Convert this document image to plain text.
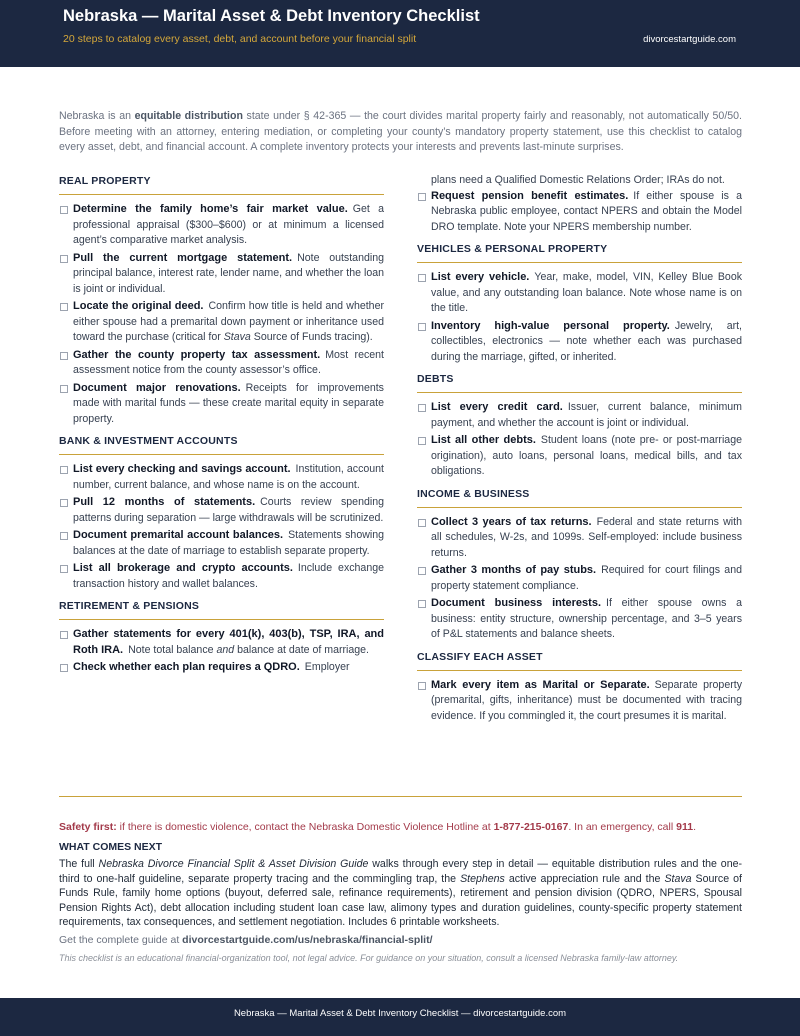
Nebraska — Marital Asset & Debt Inventory Checklist
20 steps to catalog every asset, debt, and account before your financial split	divorcestartguide.com
Nebraska is an equitable distribution state under § 42-365 — the court divides marital property fairly and reasonably, not automatically 50/50. Before meeting with an attorney, entering mediation, or completing your county’s mandatory property statement, use this checklist to catalog every asset, debt, and financial account. A complete inventory protects your interests and prevents last-minute surprises.
REAL PROPERTY
Determine the family home’s fair market value. Get a professional appraisal ($300–$600) or at minimum a licensed agent’s comparative market analysis.
Pull the current mortgage statement. Note outstanding principal balance, interest rate, lender name, and whether the loan is joint or individual.
Locate the original deed. Confirm how title is held and whether either spouse had a premarital down payment or inheritance used toward the purchase (critical for Stava Source of Funds tracing).
Gather the county property tax assessment. Most recent assessment notice from the county assessor’s office.
Document major renovations. Receipts for improvements made with marital funds — these create marital equity in separate property.
BANK & INVESTMENT ACCOUNTS
List every checking and savings account. Institution, account number, current balance, and whose name is on the account.
Pull 12 months of statements. Courts review spending patterns during separation — large withdrawals will be scrutinized.
Document premarital account balances. Statements showing balances at the date of marriage to establish separate property.
List all brokerage and crypto accounts. Include exchange transaction history and wallet balances.
RETIREMENT & PENSIONS
Gather statements for every 401(k), 403(b), TSP, IRA, and Roth IRA. Note total balance and balance at date of marriage.
Check whether each plan requires a QDRO. Employer
plans need a Qualified Domestic Relations Order; IRAs do not.
Request pension benefit estimates. If either spouse is a Nebraska public employee, contact NPERS and obtain the Model DRO template. Note your NPERS membership number.
VEHICLES & PERSONAL PROPERTY
List every vehicle. Year, make, model, VIN, Kelley Blue Book value, and any outstanding loan balance. Note whose name is on the title.
Inventory high-value personal property. Jewelry, art, collectibles, electronics — note whether each was purchased during the marriage, gifted, or inherited.
DEBTS
List every credit card. Issuer, current balance, minimum payment, and whether the account is joint or individual.
List all other debts. Student loans (note pre- or post-marriage origination), auto loans, personal loans, medical bills, and tax obligations.
INCOME & BUSINESS
Collect 3 years of tax returns. Federal and state returns with all schedules, W-2s, and 1099s. Self-employed: include business returns.
Gather 3 months of pay stubs. Required for court filings and property statement compliance.
Document business interests. If either spouse owns a business: entity structure, ownership percentage, and 3–5 years of P&L statements and balance sheets.
CLASSIFY EACH ASSET
Mark every item as Marital or Separate. Separate property (premarital, gifts, inheritance) must be documented with tracing evidence. If you commingled it, the court presumes it is marital.
Safety first: if there is domestic violence, contact the Nebraska Domestic Violence Hotline at 1-877-215-0167. In an emergency, call 911.
WHAT COMES NEXT
The full Nebraska Divorce Financial Split & Asset Division Guide walks through every step in detail — equitable distribution rules and the one-third to one-half guideline, separate property tracing and the commingling trap, the Stephens active appreciation rule and the Stava Source of Funds Rule, family home options (buyout, deferred sale, refinance requirements), retirement and pension division (QDRO, NPERS, Spousal Pension Rights Act), debt allocation including student loan case law, alimony types and duration guidelines, county-specific property statement requirements, tax consequences, and settlement negotiation. Includes 6 printable worksheets.
Get the complete guide at divorcestartguide.com/us/nebraska/financial-split/
This checklist is an educational financial-organization tool, not legal advice. For guidance on your situation, consult a licensed Nebraska family-law attorney.
Nebraska — Marital Asset & Debt Inventory Checklist — divorcestartguide.com
